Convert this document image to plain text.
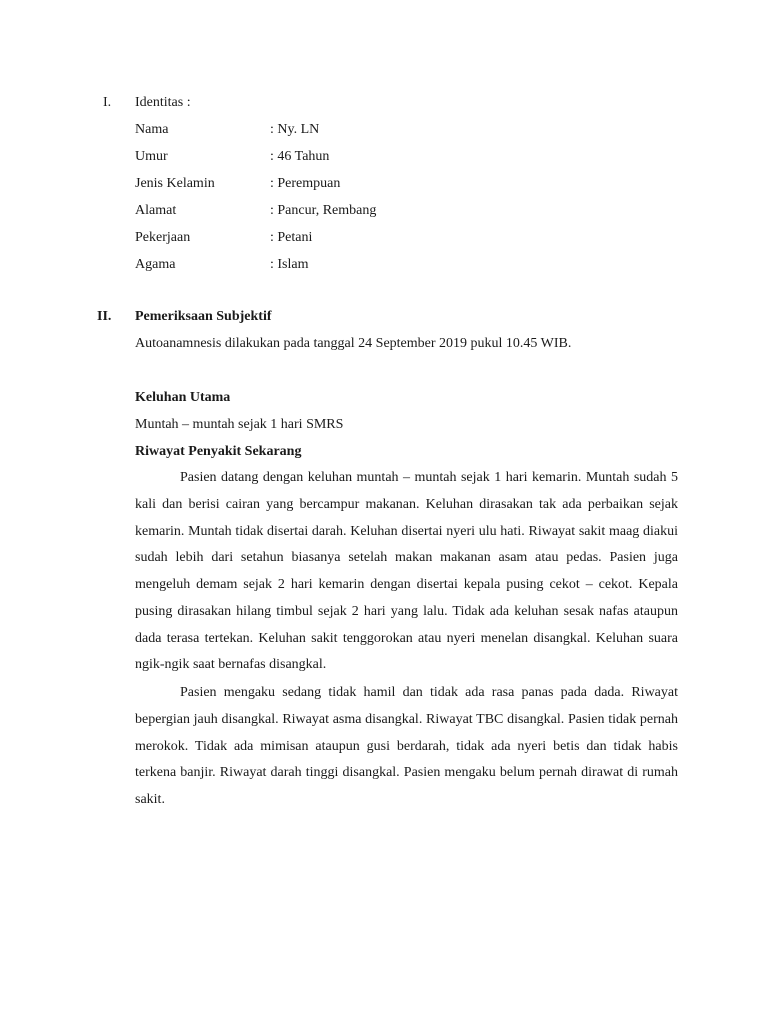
I. Identitas :
Nama	: Ny. LN
Umur	: 46 Tahun
Jenis Kelamin	: Perempuan
Alamat	: Pancur, Rembang
Pekerjaan	: Petani
Agama	: Islam
II. Pemeriksaan Subjektif
Autoanamnesis dilakukan pada tanggal 24 September 2019 pukul 10.45 WIB.
Keluhan Utama
Muntah – muntah sejak 1 hari SMRS
Riwayat Penyakit Sekarang

Pasien datang dengan keluhan muntah – muntah sejak 1 hari kemarin. Muntah sudah 5 kali dan berisi cairan yang bercampur makanan. Keluhan dirasakan tak ada perbaikan sejak kemarin. Muntah tidak disertai darah. Keluhan disertai nyeri ulu hati. Riwayat sakit maag diakui sudah lebih dari setahun biasanya setelah makan makanan asam atau pedas. Pasien juga mengeluh demam sejak 2 hari kemarin dengan disertai kepala pusing cekot – cekot. Kepala pusing dirasakan hilang timbul sejak 2 hari yang lalu. Tidak ada keluhan sesak nafas ataupun dada terasa tertekan. Keluhan sakit tenggorokan atau nyeri menelan disangkal. Keluhan suara ngik-ngik saat bernafas disangkal.

Pasien mengaku sedang tidak hamil dan tidak ada rasa panas pada dada. Riwayat bepergian jauh disangkal. Riwayat asma disangkal. Riwayat TBC disangkal. Pasien tidak pernah merokok. Tidak ada mimisan ataupun gusi berdarah, tidak ada nyeri betis dan tidak habis terkena banjir. Riwayat darah tinggi disangkal. Pasien mengaku belum pernah dirawat di rumah sakit.
